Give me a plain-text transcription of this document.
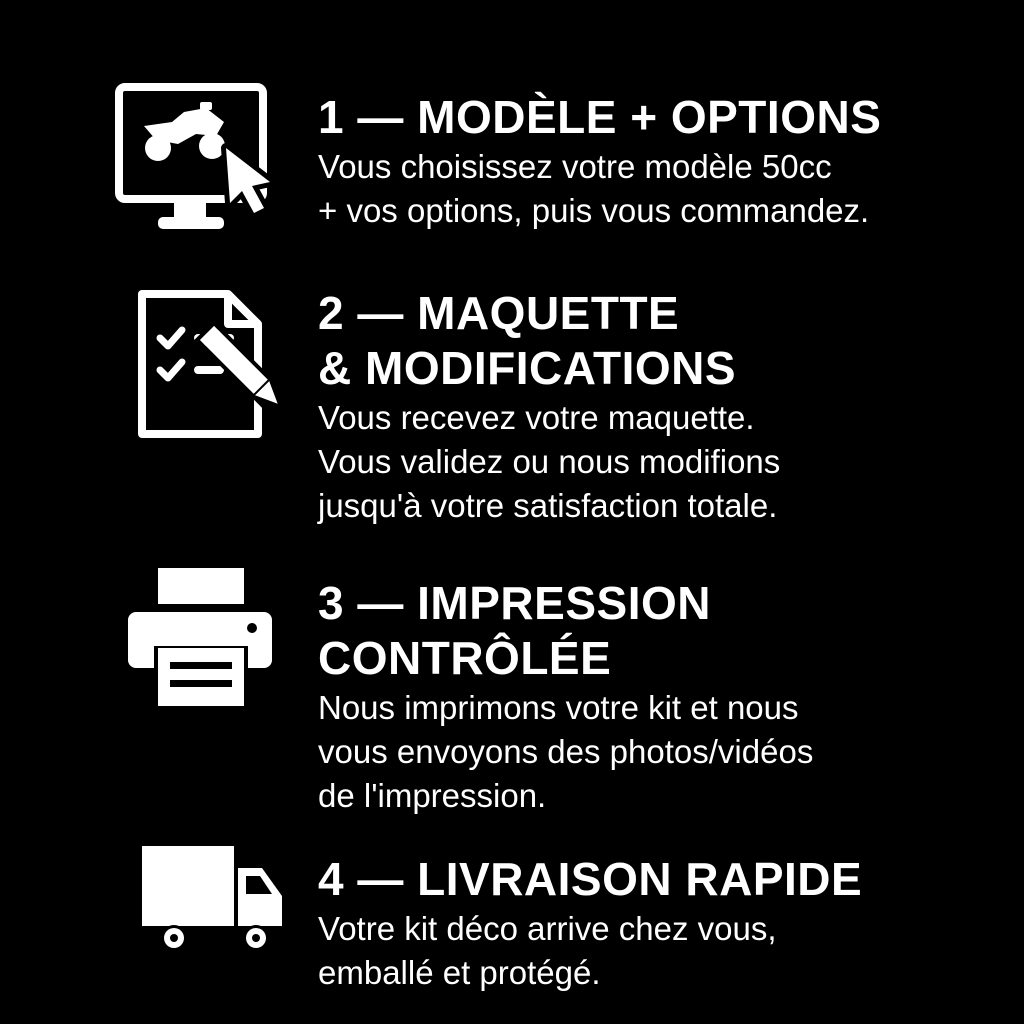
1 — MODÈLE + OPTIONS

Vous choisissez votre modèle 50cc
+ vos options, puis vous commandez.

2 — MAQUETTE
& MODIFICATIONS

Vous recevez votre maquette.
Vous validez ou nous modifions
jusqu'à votre satisfaction totale.

3 — IMPRESSION
CONTRÔLÉE

Nous imprimons votre kit et nous
vous envoyons des photos/vidéos
de l'impression.

4 — LIVRAISON RAPIDE

Votre kit déco arrive chez vous,
emballé et protégé.
